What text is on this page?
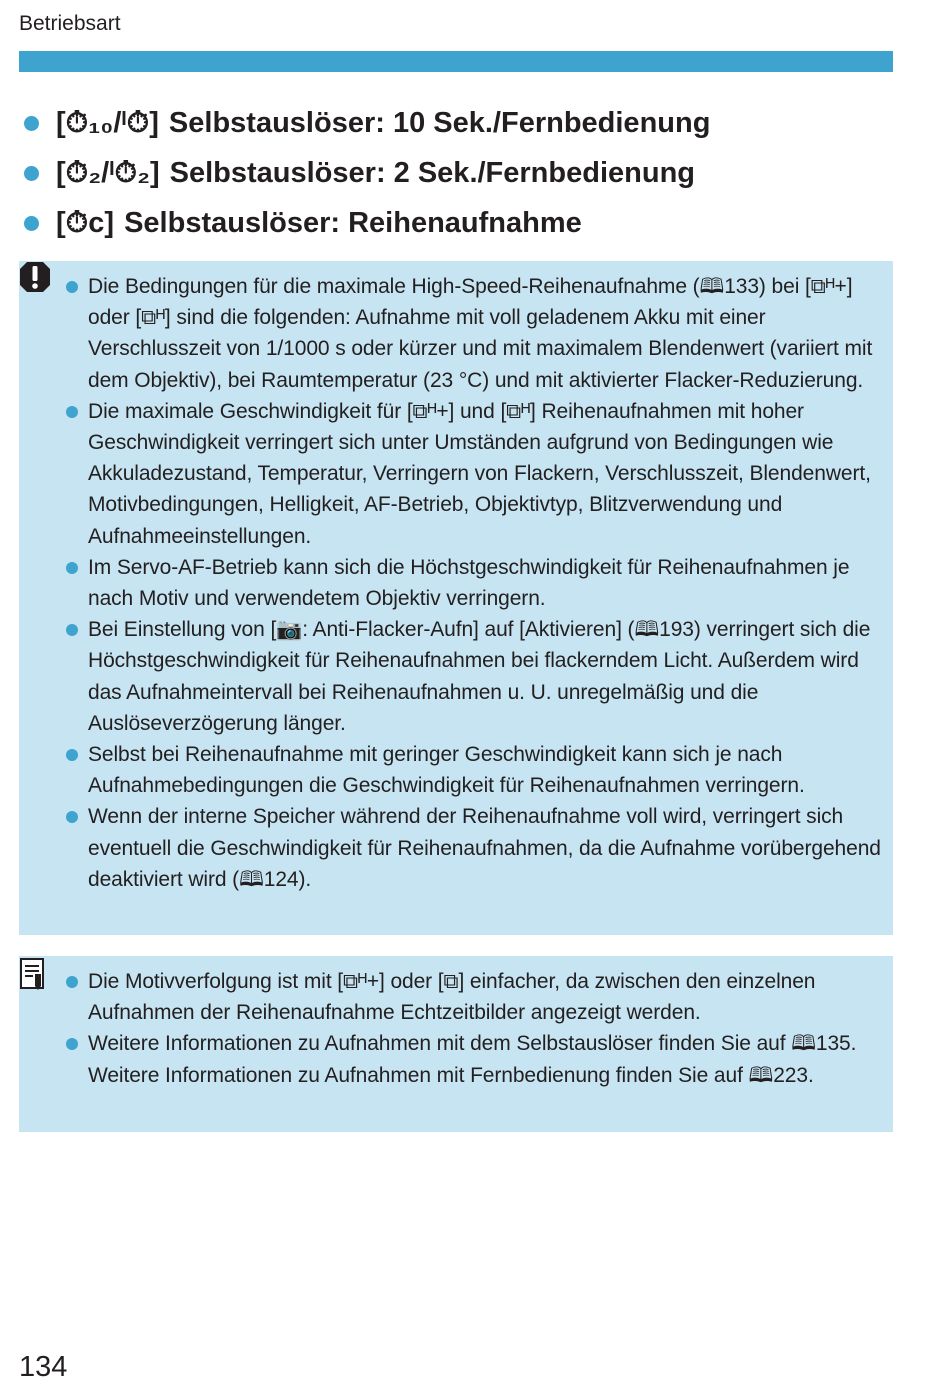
Betriebsart
[⏱₁₀/ᴵ⏱] Selbstauslöser: 10 Sek./Fernbedienung
[⏱₂/ᴵ⏱₂] Selbstauslöser: 2 Sek./Fernbedienung
[⏱c] Selbstauslöser: Reihenaufnahme
Die Bedingungen für die maximale High-Speed-Reihenaufnahme (🕮133) bei [⧉ᴴ+] oder [⧉ᴴ] sind die folgenden: Aufnahme mit voll geladenem Akku mit einer Verschlusszeit von 1/1000 s oder kürzer und mit maximalem Blendenwert (variiert mit dem Objektiv), bei Raumtemperatur (23 °C) und mit aktivierter Flacker-Reduzierung.
Die maximale Geschwindigkeit für [⧉ᴴ+] und [⧉ᴴ] Reihenaufnahmen mit hoher Geschwindigkeit verringert sich unter Umständen aufgrund von Bedingungen wie Akkuladezustand, Temperatur, Verringern von Flackern, Verschlusszeit, Blendenwert, Motivbedingungen, Helligkeit, AF-Betrieb, Objektivtyp, Blitzverwendung und Aufnahmeeinstellungen.
Im Servo-AF-Betrieb kann sich die Höchstgeschwindigkeit für Reihenaufnahmen je nach Motiv und verwendetem Objektiv verringern.
Bei Einstellung von [📷: Anti-Flacker-Aufn] auf [Aktivieren] (🕮193) verringert sich die Höchstgeschwindigkeit für Reihenaufnahmen bei flackerndem Licht. Außerdem wird das Aufnahmeintervall bei Reihenaufnahmen u. U. unregelmäßig und die Auslöseverzögerung länger.
Selbst bei Reihenaufnahme mit geringer Geschwindigkeit kann sich je nach Aufnahmebedingungen die Geschwindigkeit für Reihenaufnahmen verringern.
Wenn der interne Speicher während der Reihenaufnahme voll wird, verringert sich eventuell die Geschwindigkeit für Reihenaufnahmen, da die Aufnahme vorübergehend deaktiviert wird (🕮124).
Die Motivverfolgung ist mit [⧉ᴴ+] oder [⧉] einfacher, da zwischen den einzelnen Aufnahmen der Reihenaufnahme Echtzeitbilder angezeigt werden.
Weitere Informationen zu Aufnahmen mit dem Selbstauslöser finden Sie auf 🕮135. Weitere Informationen zu Aufnahmen mit Fernbedienung finden Sie auf 🕮223.
134
